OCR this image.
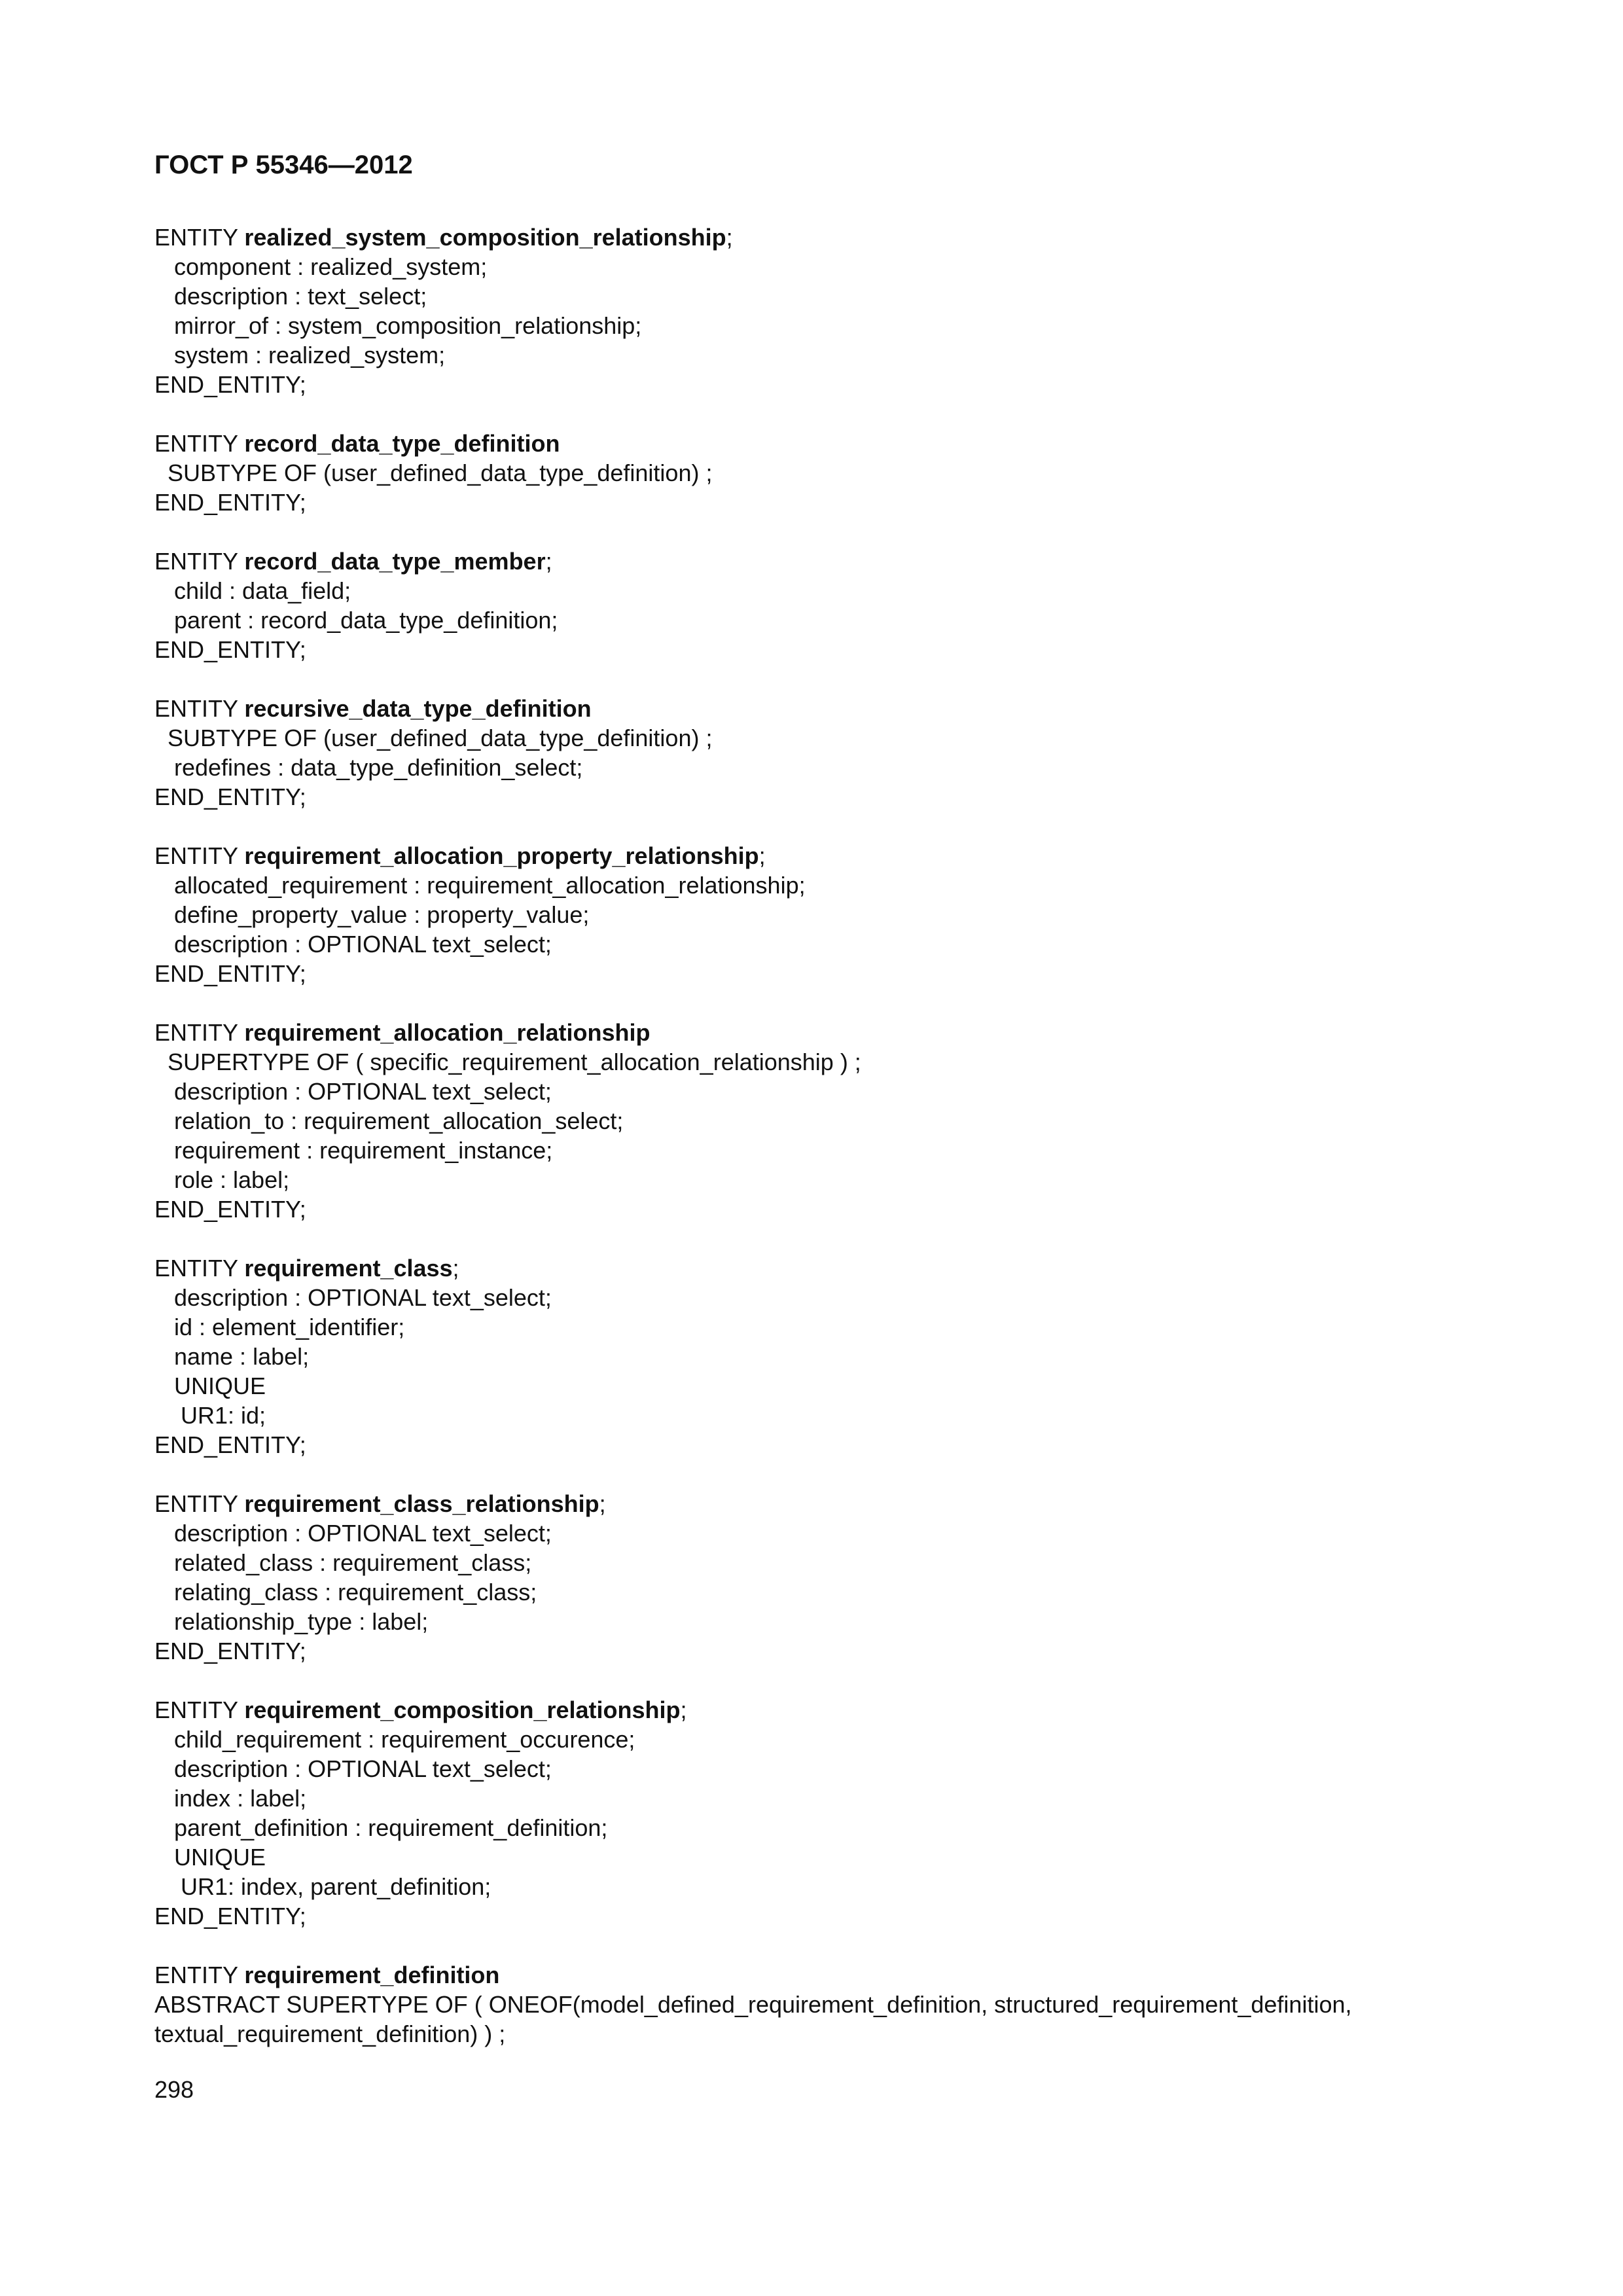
ГОСТ Р 55346—2012
ENTITY realized_system_composition_relationship;
component : realized_system;
description : text_select;
mirror_of : system_composition_relationship;
system : realized_system;
END_ENTITY;
ENTITY record_data_type_definition
SUBTYPE OF (user_defined_data_type_definition) ;
END_ENTITY;
ENTITY record_data_type_member;
child : data_field;
parent : record_data_type_definition;
END_ENTITY;
ENTITY recursive_data_type_definition
SUBTYPE OF (user_defined_data_type_definition) ;
redefines : data_type_definition_select;
END_ENTITY;
ENTITY requirement_allocation_property_relationship;
allocated_requirement : requirement_allocation_relationship;
define_property_value : property_value;
description : OPTIONAL text_select;
END_ENTITY;
ENTITY requirement_allocation_relationship
SUPERTYPE OF ( specific_requirement_allocation_relationship ) ;
description : OPTIONAL text_select;
relation_to : requirement_allocation_select;
requirement : requirement_instance;
role : label;
END_ENTITY;
ENTITY requirement_class;
description : OPTIONAL text_select;
id : element_identifier;
name : label;
UNIQUE
UR1: id;
END_ENTITY;
ENTITY requirement_class_relationship;
description : OPTIONAL text_select;
related_class : requirement_class;
relating_class : requirement_class;
relationship_type : label;
END_ENTITY;
ENTITY requirement_composition_relationship;
child_requirement : requirement_occurence;
description : OPTIONAL text_select;
index : label;
parent_definition : requirement_definition;
UNIQUE
UR1: index, parent_definition;
END_ENTITY;
ENTITY requirement_definition
ABSTRACT SUPERTYPE OF ( ONEOF(model_defined_requirement_definition, structured_requirement_definition, textual_requirement_definition) ) ;
298
